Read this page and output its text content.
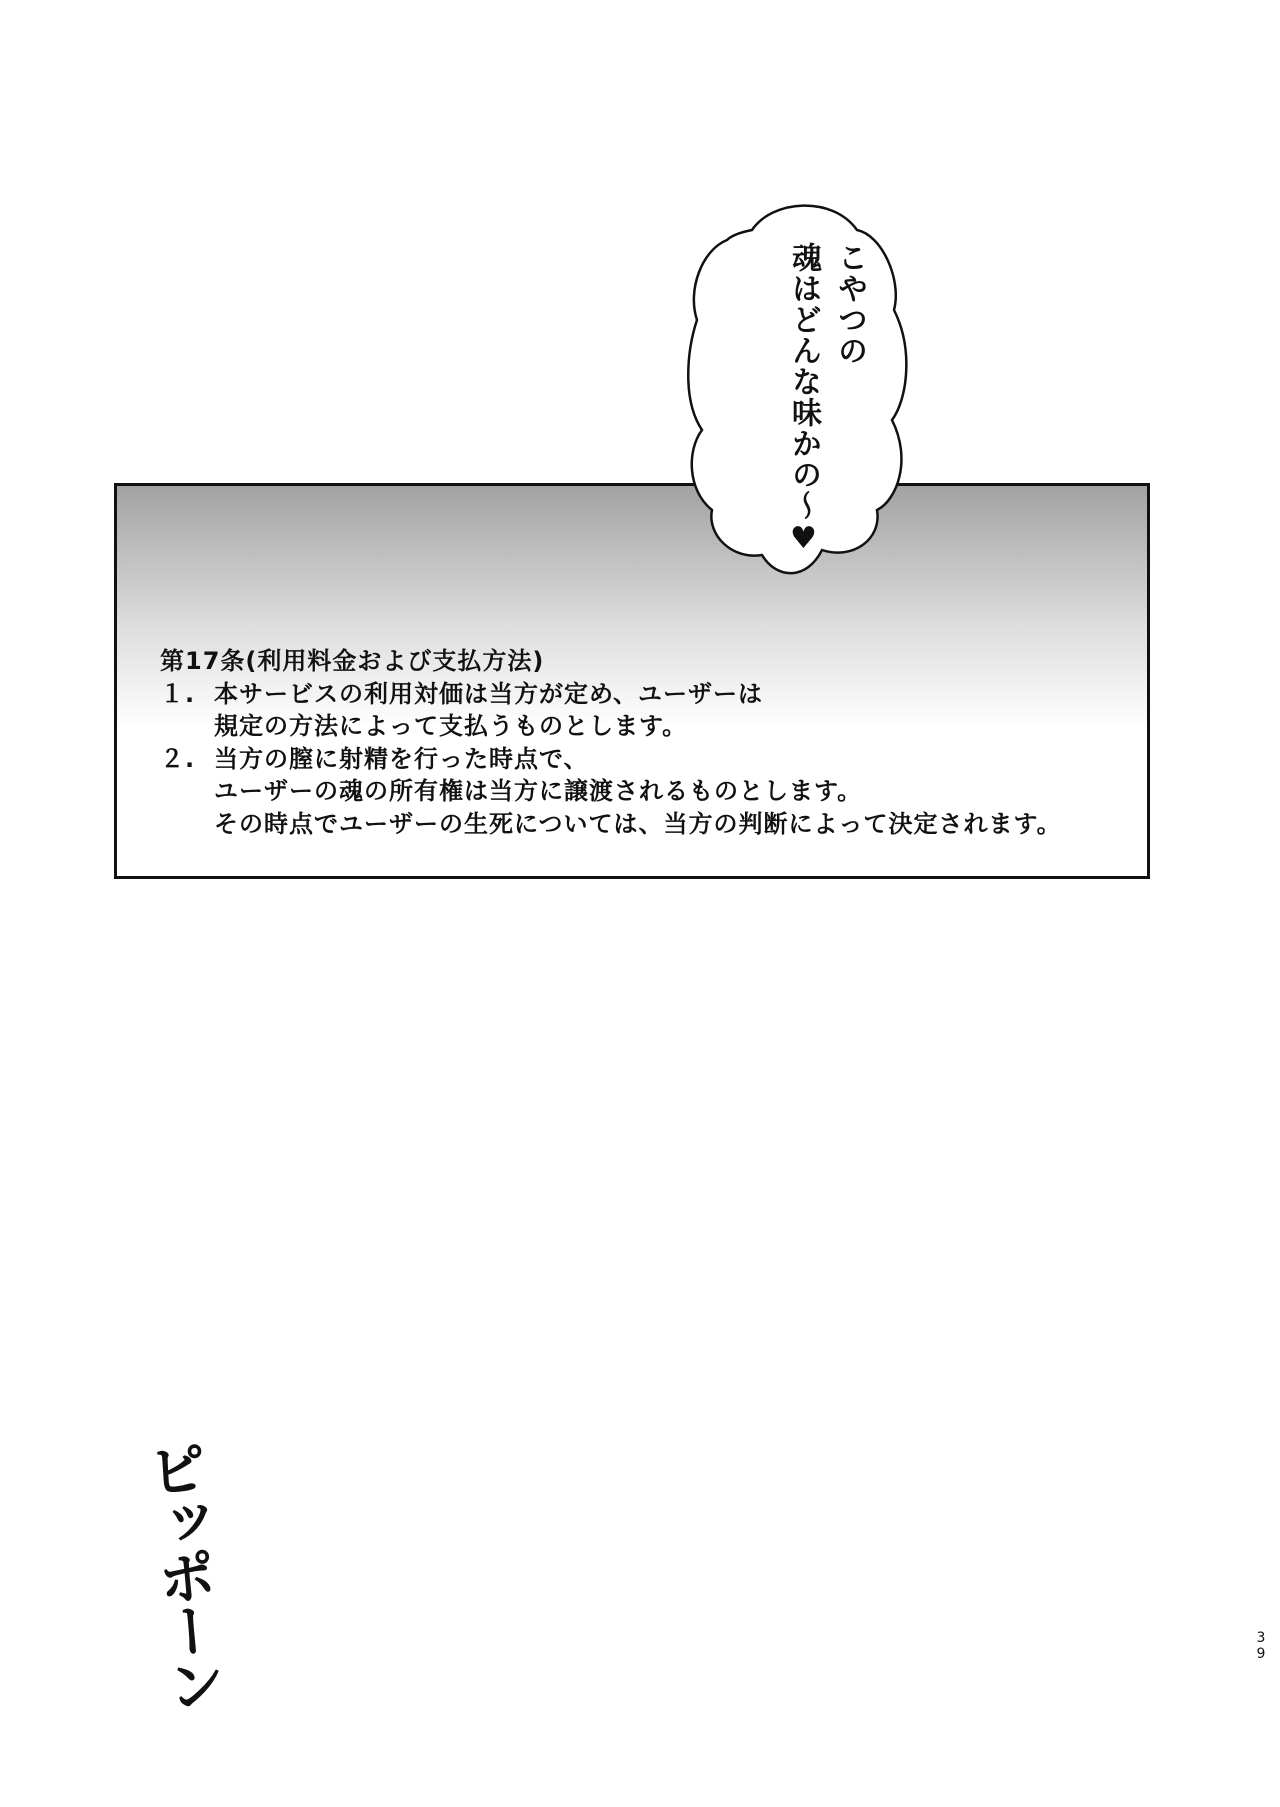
第17条(利用料金および支払方法)
１. 本サービスの利用対価は当方が定め、ユーザーは
規定の方法によって支払うものとします。
２. 当方の膣に射精を行った時点で、
ユーザーの魂の所有権は当方に譲渡されるものとします。
その時点でユーザーの生死については、当方の判断によって決定されます。
こやつの
魂はどんな味かの～♥
ピッポーン	39
